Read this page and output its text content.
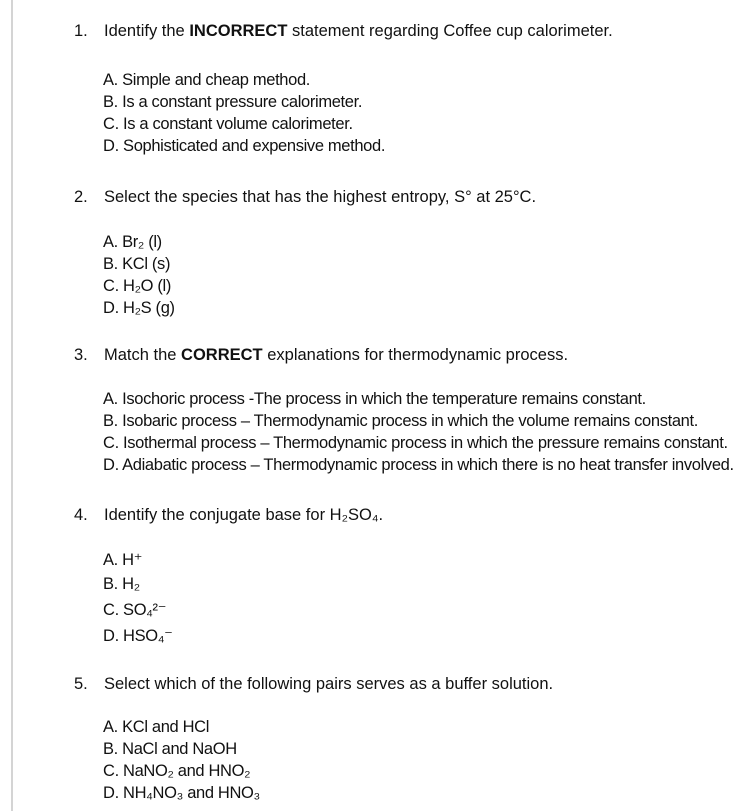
1. Identify the INCORRECT statement regarding Coffee cup calorimeter.
A. Simple and cheap method.
B. Is a constant pressure calorimeter.
C. Is a constant volume calorimeter.
D. Sophisticated and expensive method.
2. Select the species that has the highest entropy, S° at 25°C.
A. Br₂ (l)
B. KCl (s)
C. H₂O (l)
D. H₂S (g)
3. Match the CORRECT explanations for thermodynamic process.
A. Isochoric process -The process in which the temperature remains constant.
B. Isobaric process – Thermodynamic process in which the volume remains constant.
C. Isothermal process – Thermodynamic process in which the pressure remains constant.
D. Adiabatic process – Thermodynamic process in which there is no heat transfer involved.
4. Identify the conjugate base for H₂SO₄.
A. H⁺
B. H₂
C. SO₄²⁻
D. HSO₄⁻
5. Select which of the following pairs serves as a buffer solution.
A. KCl and HCl
B. NaCl and NaOH
C. NaNO₂ and HNO₂
D. NH₄NO₃ and HNO₃
